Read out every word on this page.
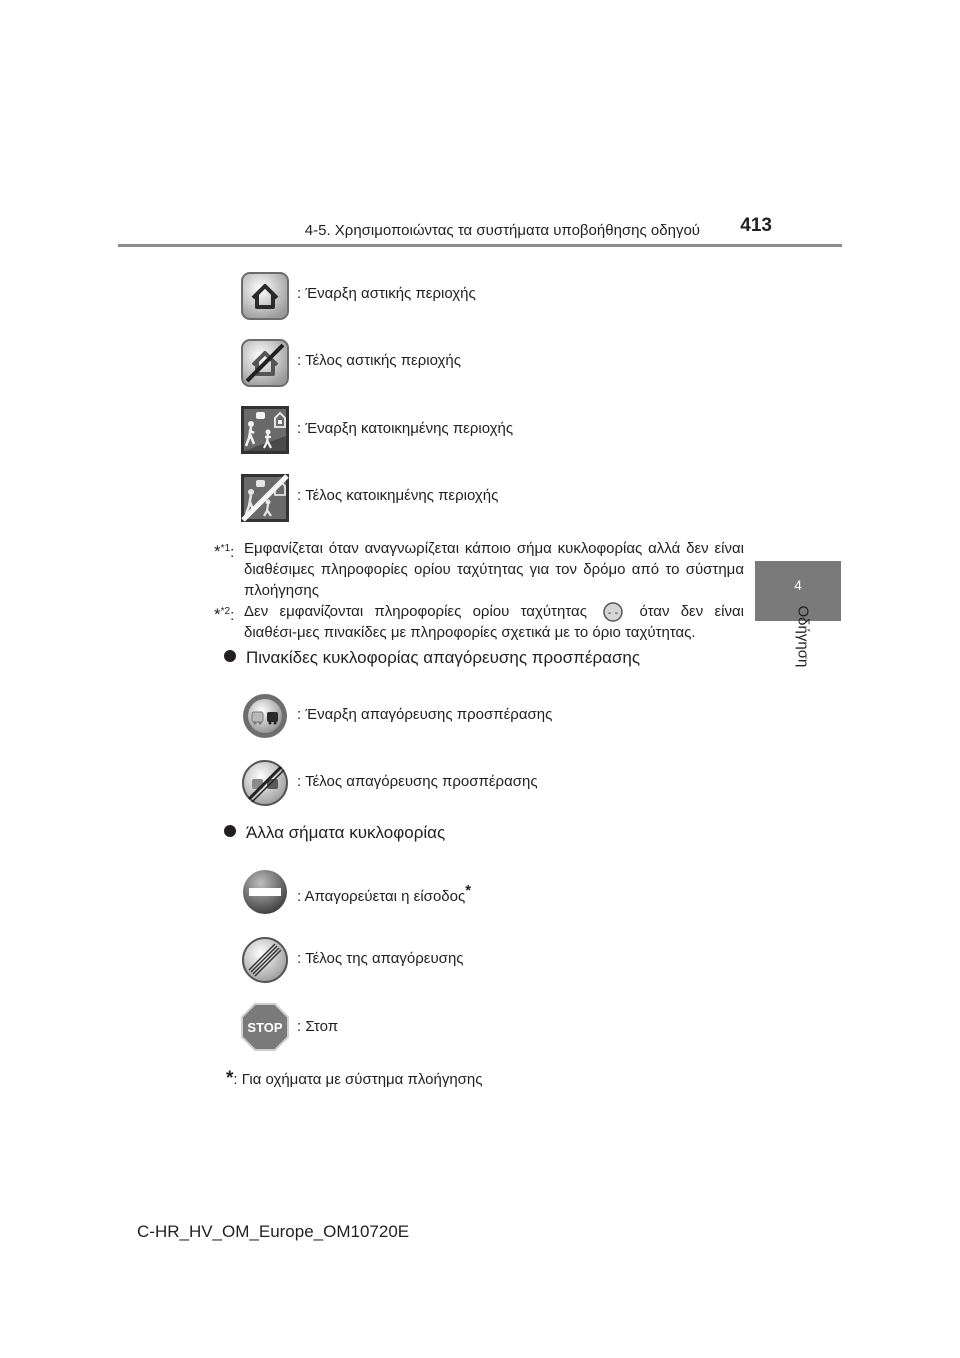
4-5. Χρησιμοποιώντας τα συστήματα υποβοήθησης οδηγού	413
4
Οδήγηση
: Έναρξη αστικής περιοχής
: Τέλος αστικής περιοχής
: Έναρξη κατοικημένης περιοχής
: Τέλος κατοικημένης περιοχής
*$^{*1}$: Εμφανίζεται όταν αναγνωρίζεται κάποιο σήμα κυκλοφορίας αλλά δεν είναι διαθέσιμες πληροφορίες ορίου ταχύτητας για τον δρόμο από το σύστημα πλοήγησης
*$^{*2}$: Δεν εμφανίζονται πληροφορίες ορίου ταχύτητας - - όταν δεν είναι διαθέσι-μες πινακίδες με πληροφορίες σχετικά με το όριο ταχύτητας.
Πινακίδες κυκλοφορίας απαγόρευσης προσπέρασης
: Έναρξη απαγόρευσης προσπέρασης
: Τέλος απαγόρευσης προσπέρασης
Άλλα σήματα κυκλοφορίας
: Απαγορεύεται η είσοδος*
: Τέλος της απαγόρευσης
STOP : Στοπ
*: Για οχήματα με σύστημα πλοήγησης
C-HR_HV_OM_Europe_OM10720E
